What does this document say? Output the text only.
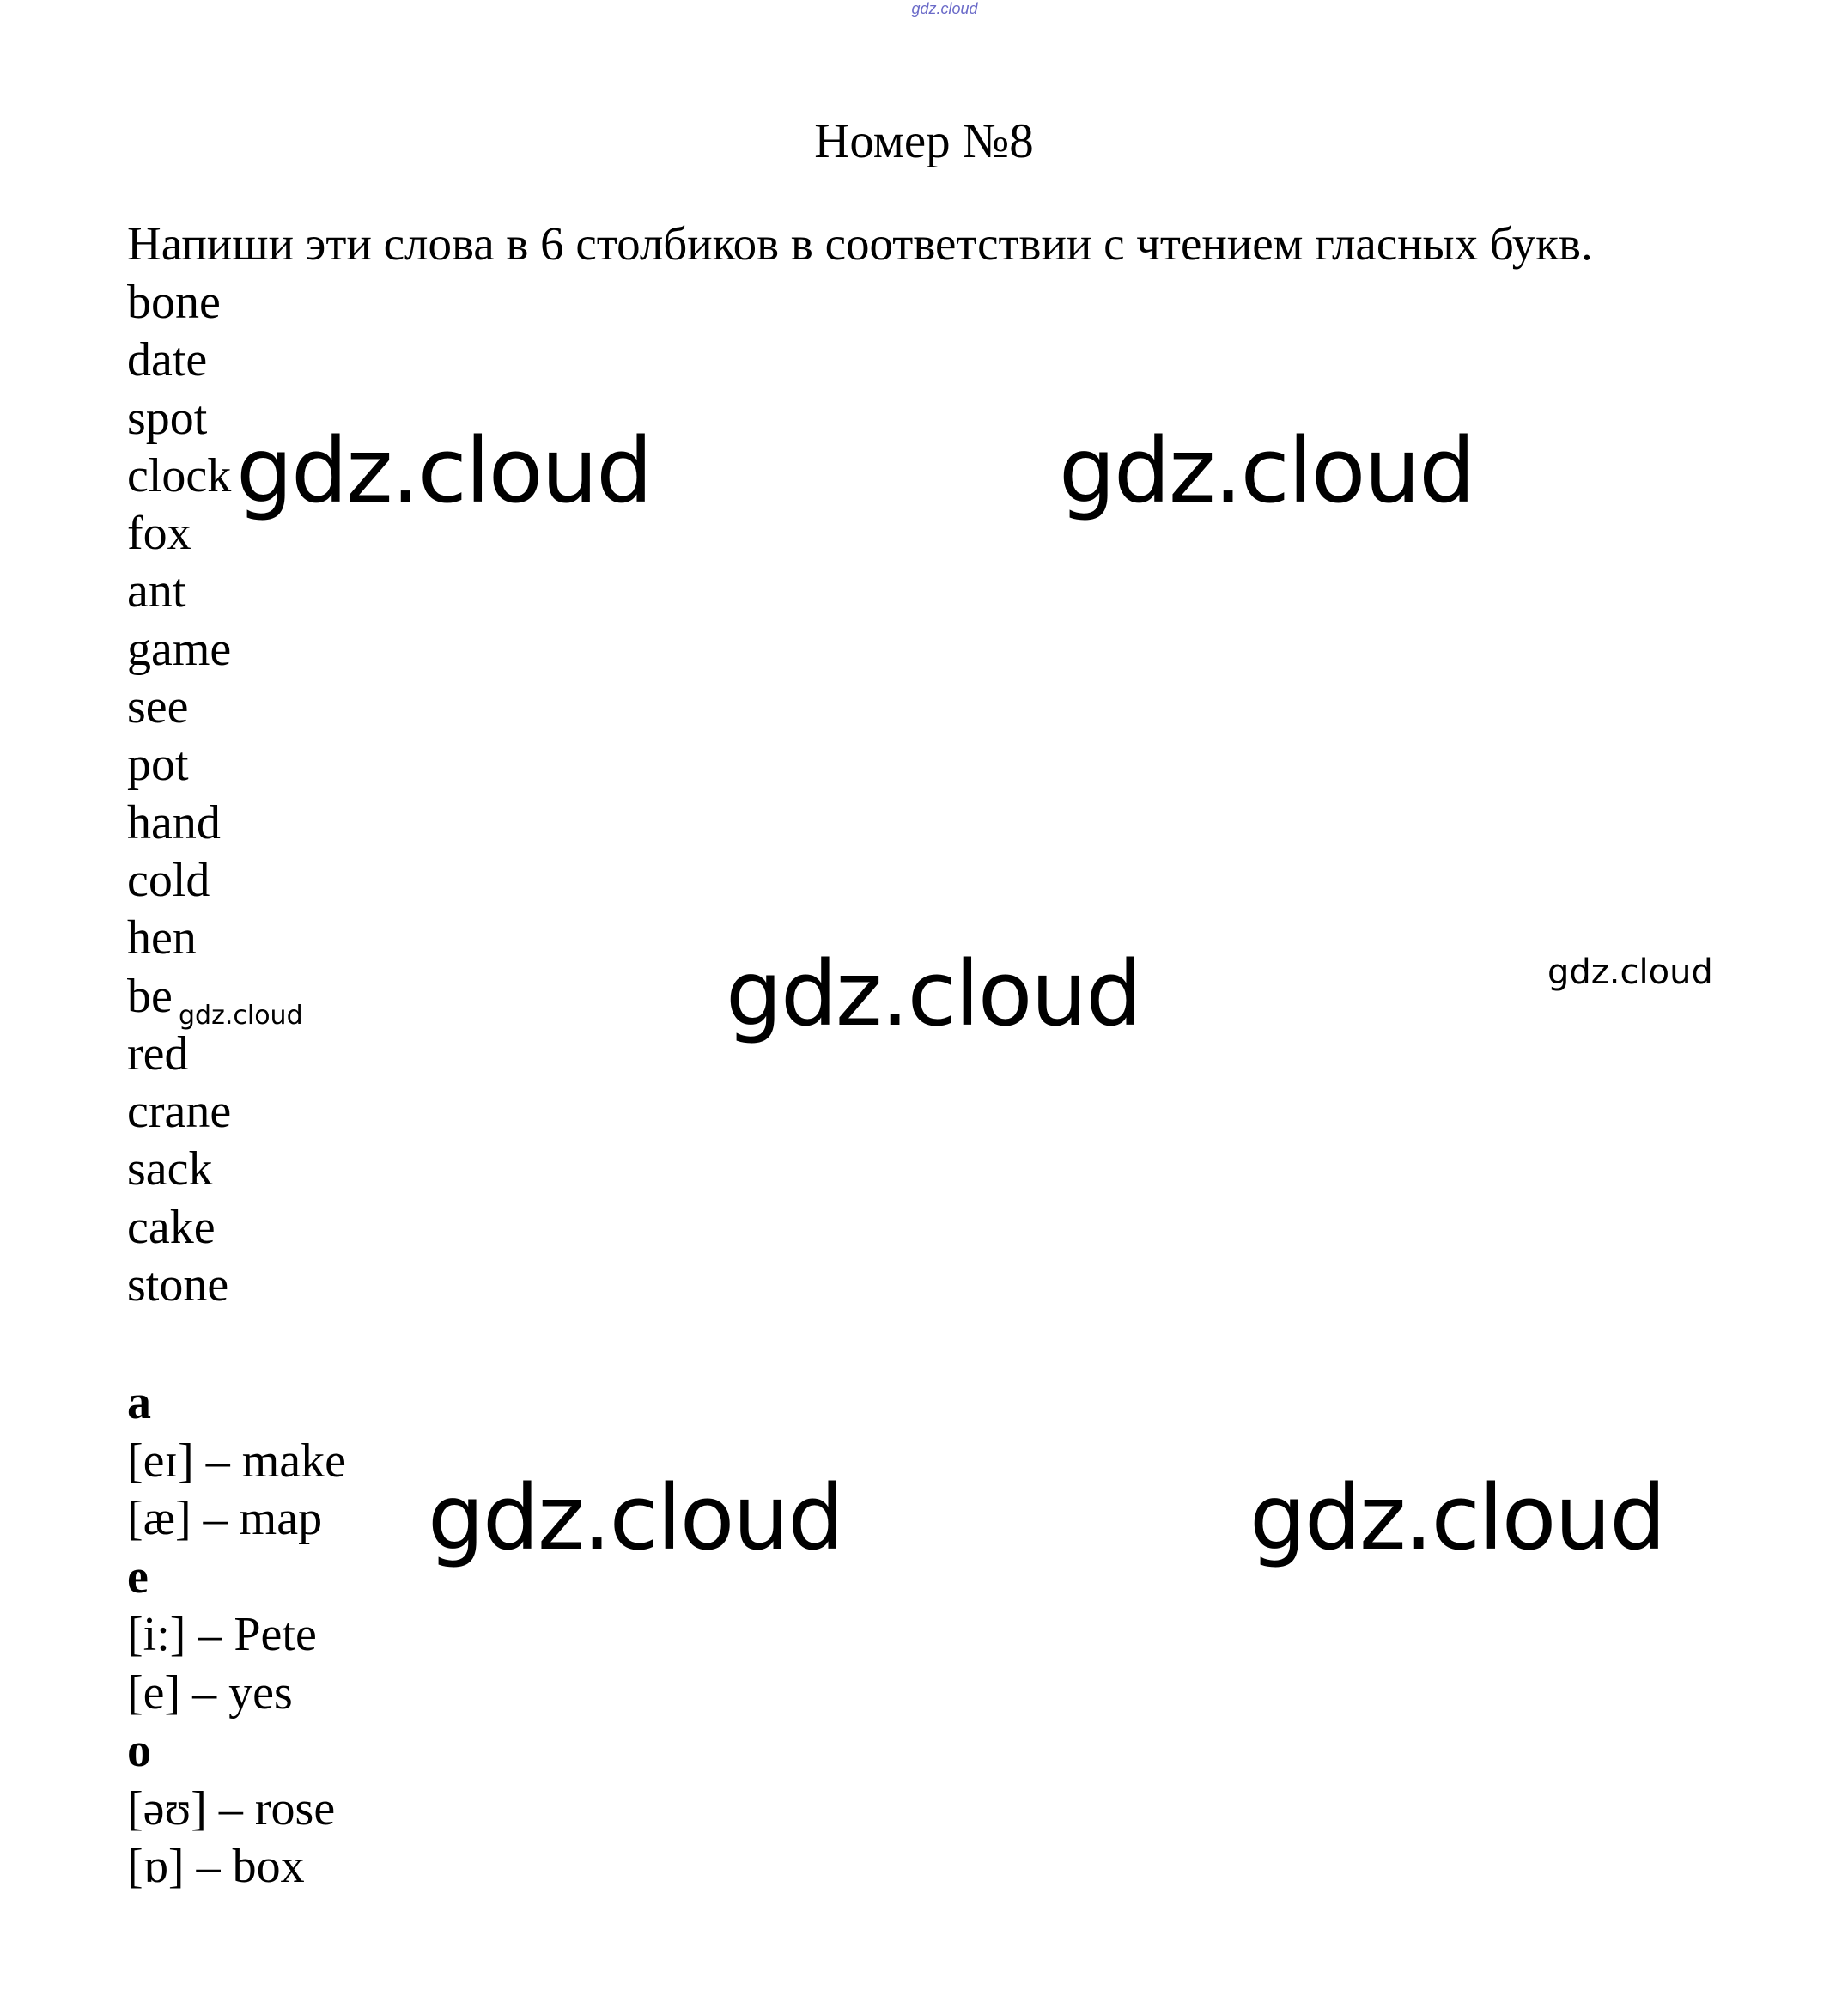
gdz.cloud
Номер №8
Напиши эти слова в 6 столбиков в соответствии с чтением гласных букв.
bone
date
spot
clock
fox
ant
game
see
pot
hand
cold
hen
be
red
crane
sack
cake
stone
a
[eɪ] – make
[æ] – map
e
[i:] – Pete
[e] – yes
o
[əʊ] – rose
[ɒ] – box
gdz.cloud	gdz.cloud
gdz.cloud	gdz.cloud
gdz.cloud
gdz.cloud	gdz.cloud
